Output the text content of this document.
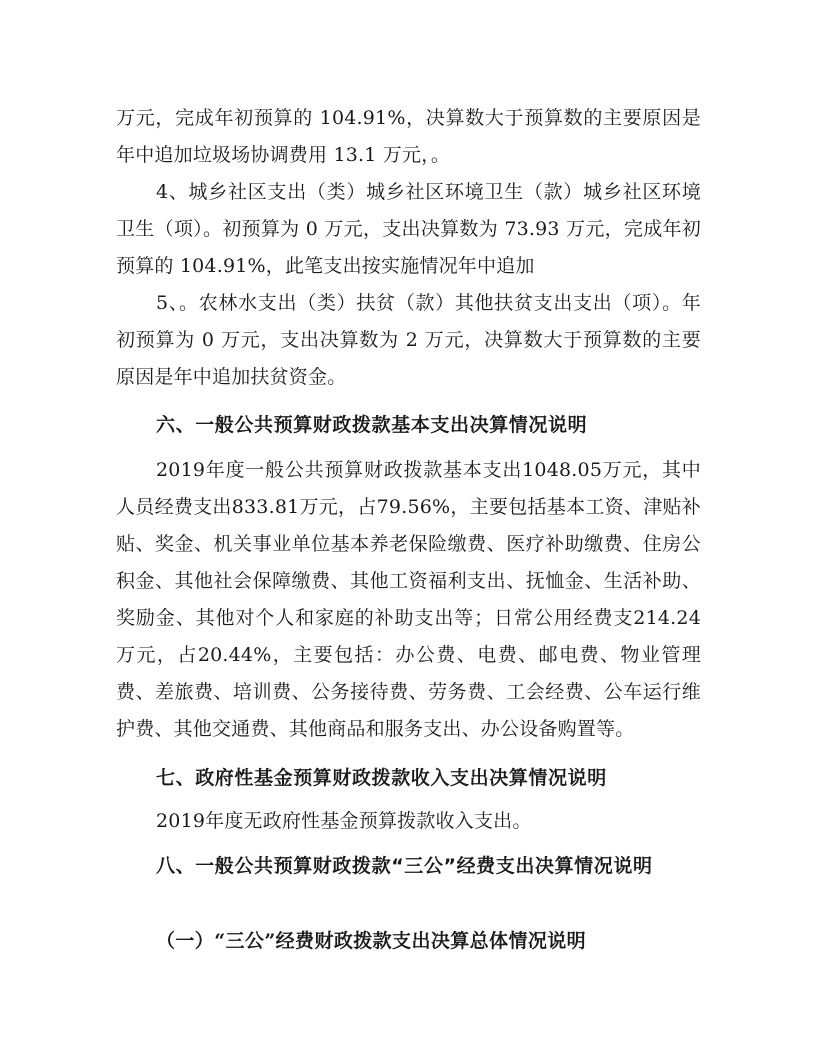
万元，完成年初预算的 104.91%，决算数大于预算数的主要原因是年中追加垃圾场协调费用 13.1 万元，。

4、城乡社区支出（类）城乡社区环境卫生（款）城乡社区环境卫生（项）。初预算为 0 万元，支出决算数为 73.93 万元，完成年初预算的 104.91%，此笔支出按实施情况年中追加

5、。农林水支出（类）扶贫（款）其他扶贫支出支出（项）。年初预算为 0 万元，支出决算数为 2 万元，决算数大于预算数的主要原因是年中追加扶贫资金。

六、一般公共预算财政拨款基本支出决算情况说明

2019年度一般公共预算财政拨款基本支出1048.05万元，其中人员经费支出833.81万元，占79.56%，主要包括基本工资、津贴补贴、奖金、机关事业单位基本养老保险缴费、医疗补助缴费、住房公积金、其他社会保障缴费、其他工资福利支出、抚恤金、生活补助、奖励金、其他对个人和家庭的补助支出等；日常公用经费支214.24万元，占20.44%，主要包括：办公费、电费、邮电费、物业管理费、差旅费、培训费、公务接待费、劳务费、工会经费、公车运行维护费、其他交通费、其他商品和服务支出、办公设备购置等。

七、政府性基金预算财政拨款收入支出决算情况说明

2019年度无政府性基金预算拨款收入支出。

八、一般公共预算财政拨款“三公”经费支出决算情况说明
（一）“三公”经费财政拨款支出决算总体情况说明
